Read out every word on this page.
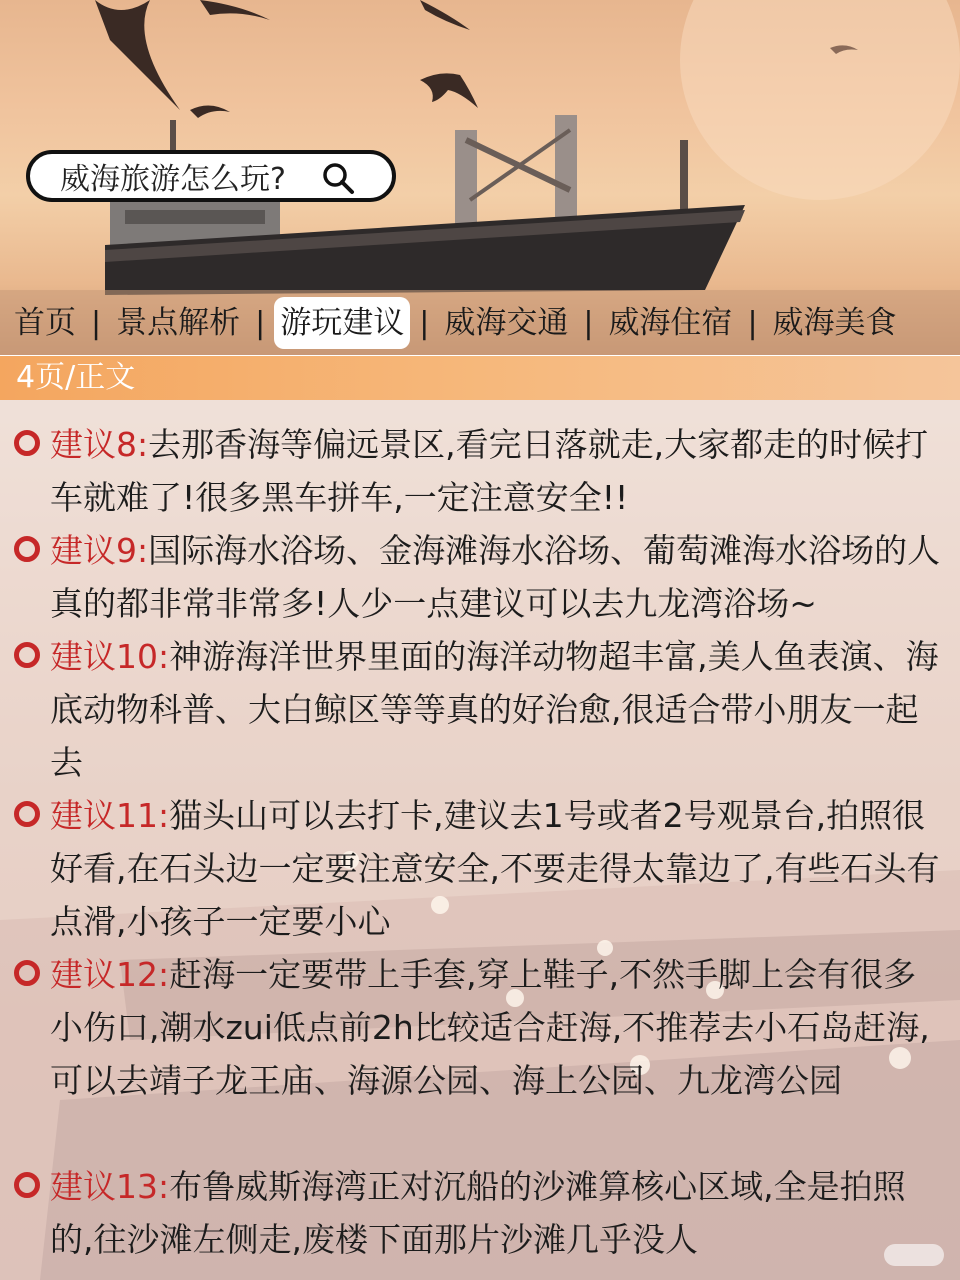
威海旅游怎么玩?
首页 | 景点解析 | 游玩建议 | 威海交通 | 威海住宿 | 威海美食
4页/正文

建议8:去那香海等偏远景区,看完日落就走,大家都走的时候打车就难了!很多黑车拼车,一定注意安全!!

建议9:国际海水浴场、金海滩海水浴场、葡萄滩海水浴场的人真的都非常非常多!人少一点建议可以去九龙湾浴场~

建议10:神游海洋世界里面的海洋动物超丰富,美人鱼表演、海底动物科普、大白鲸区等等真的好治愈,很适合带小朋友一起去

建议11:猫头山可以去打卡,建议去1号或者2号观景台,拍照很好看,在石头边一定要注意安全,不要走得太靠边了,有些石头有点滑,小孩子一定要小心

建议12:赶海一定要带上手套,穿上鞋子,不然手脚上会有很多小伤口,潮水zui低点前2h比较适合赶海,不推荐去小石岛赶海,可以去靖子龙王庙、海源公园、海上公园、九龙湾公园

建议13:布鲁威斯海湾正对沉船的沙滩算核心区域,全是拍照的,往沙滩左侧走,废楼下面那片沙滩几乎没人
